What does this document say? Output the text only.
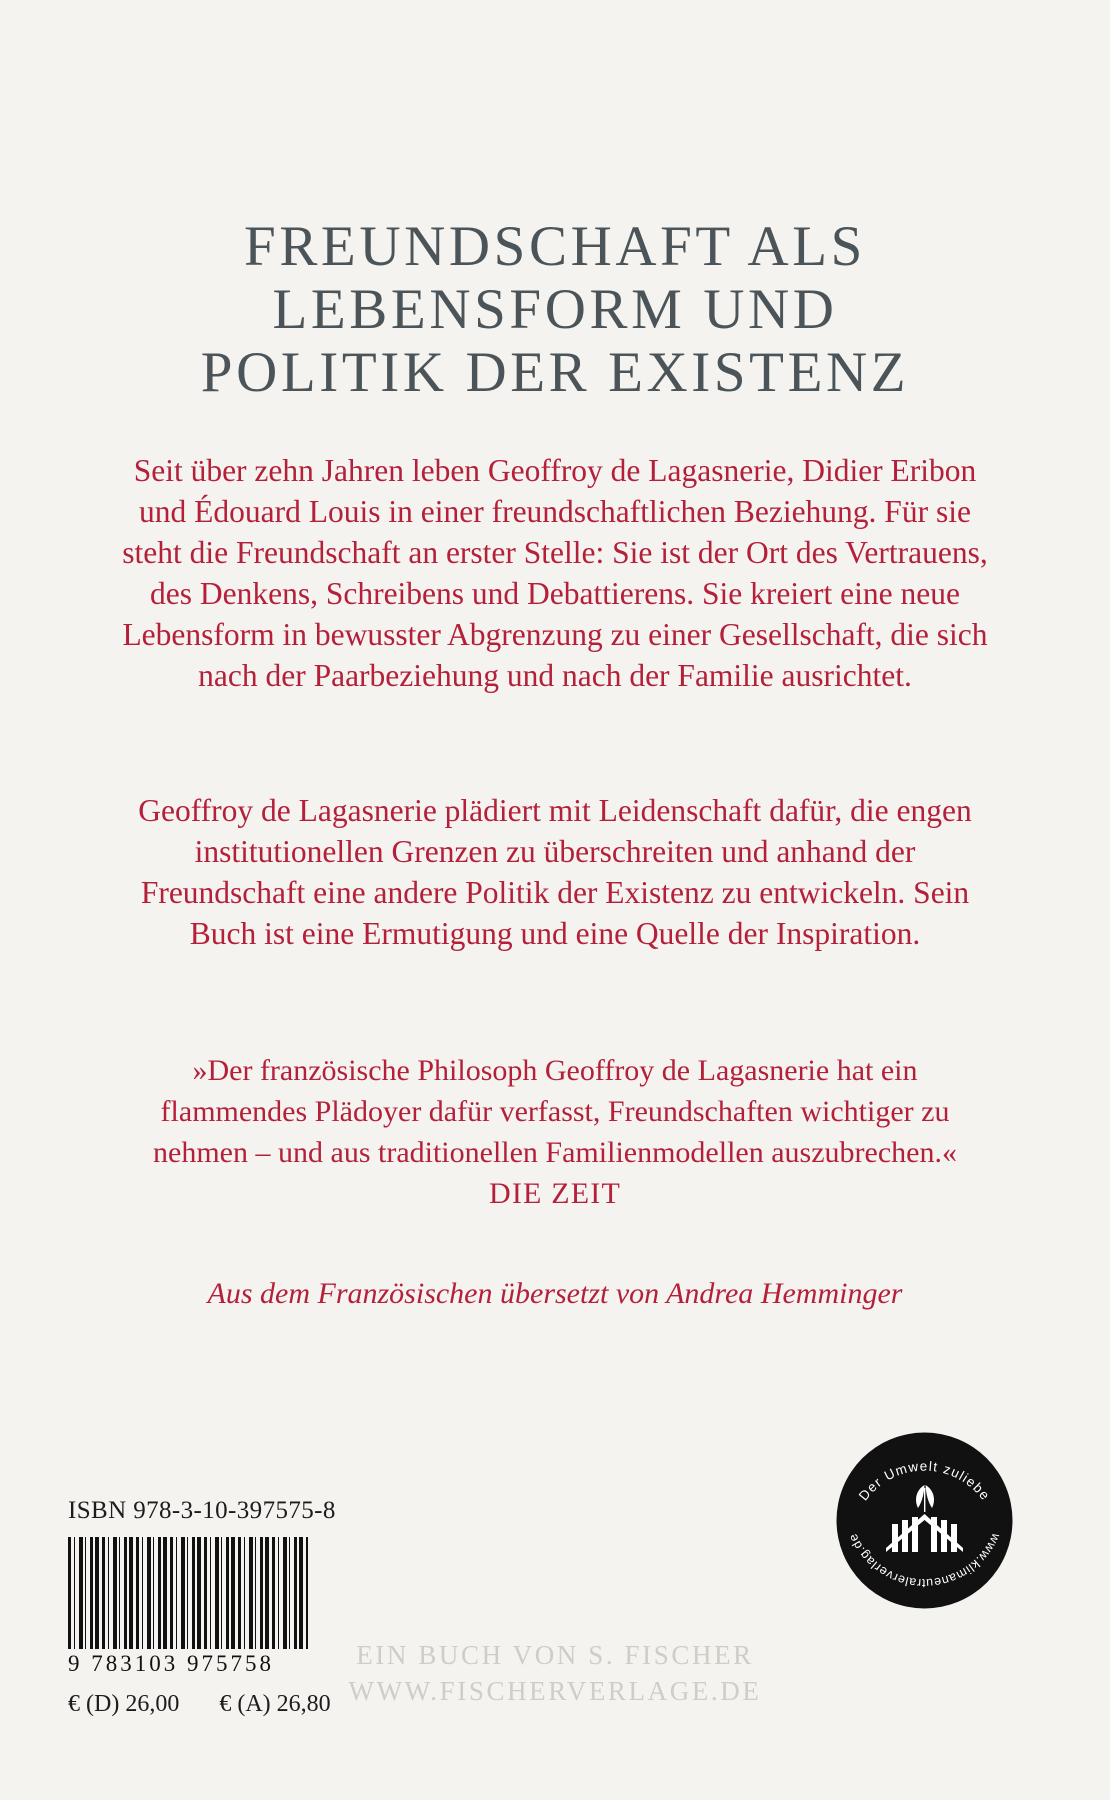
FREUNDSCHAFT ALS
LEBENSFORM UND
POLITIK DER EXISTENZ

Seit über zehn Jahren leben Geoffroy de Lagasnerie, Didier Eribon und Édouard Louis in einer freundschaftlichen Beziehung. Für sie steht die Freundschaft an erster Stelle: Sie ist der Ort des Vertrauens, des Denkens, Schreibens und Debattierens. Sie kreiert eine neue Lebensform in bewusster Abgrenzung zu einer Gesellschaft, die sich nach der Paarbeziehung und nach der Familie ausrichtet.

Geoffroy de Lagasnerie plädiert mit Leidenschaft dafür, die engen institutionellen Grenzen zu überschreiten und anhand der Freundschaft eine andere Politik der Existenz zu entwickeln. Sein Buch ist eine Ermutigung und eine Quelle der Inspiration.

»Der französische Philosoph Geoffroy de Lagasnerie hat ein flammendes Plädoyer dafür verfasst, Freundschaften wichtiger zu nehmen – und aus traditionellen Familienmodellen auszubrechen.«
DIE ZEIT
Aus dem Französischen übersetzt von Andrea Hemminger
ISBN 978-3-10-397575-8
9 783103 975758
€ (D) 26,00 € (A) 26,80
Der Umwelt zuliebe
www.klimaneutralerverlag.de
EIN BUCH VON S. FISCHER
WWW.FISCHERVERLAGE.DE
